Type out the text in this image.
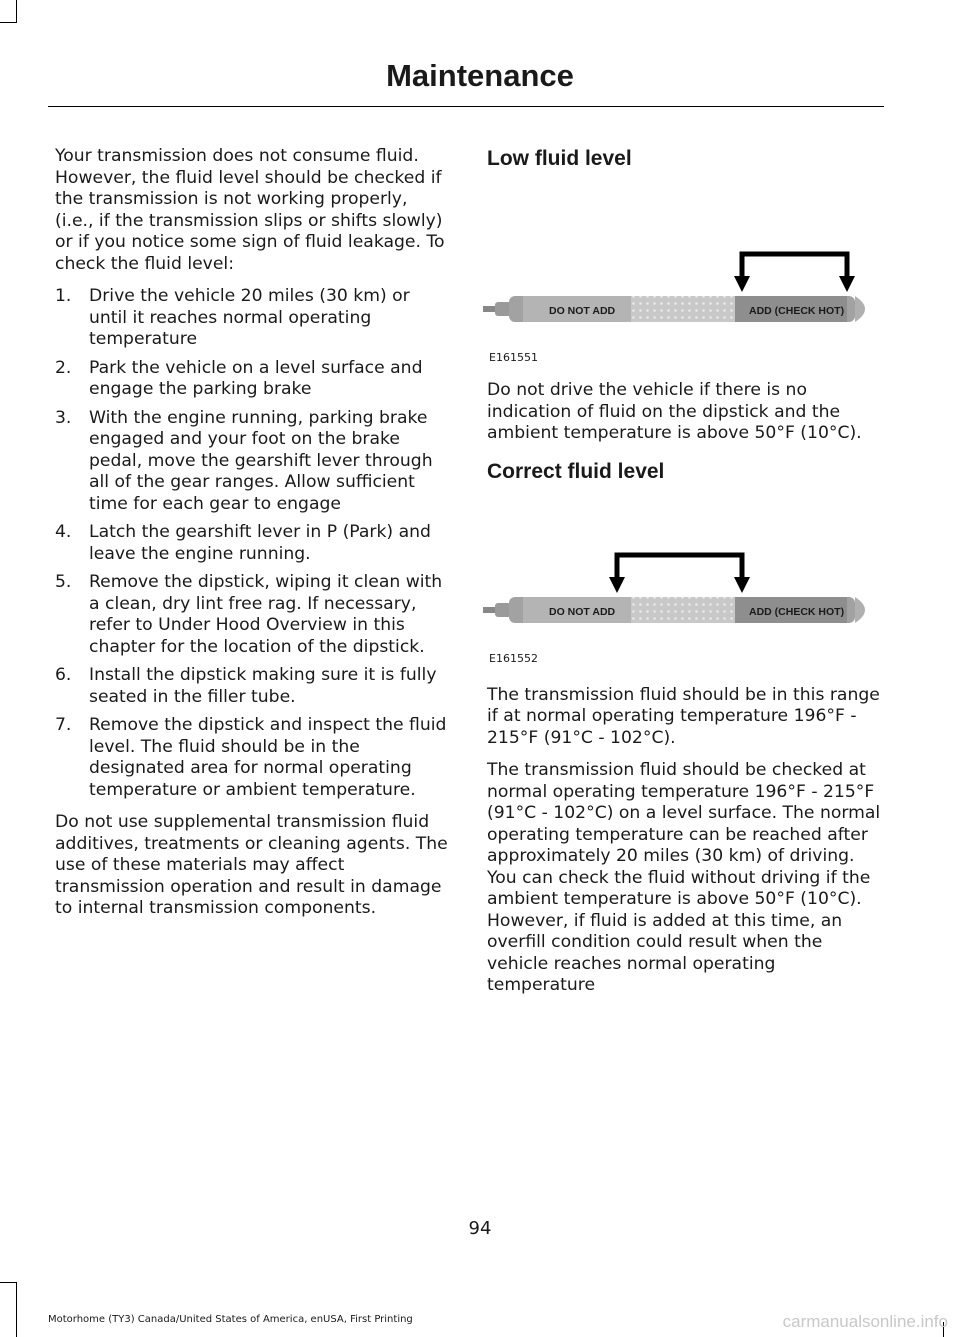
Maintenance

Your transmission does not consume fluid. However, the fluid level should be checked if the transmission is not working properly, (i.e., if the transmission slips or shifts slowly) or if you notice some sign of fluid leakage. To check the fluid level:

1. Drive the vehicle 20 miles (30 km) or until it reaches normal operating temperature
2. Park the vehicle on a level surface and engage the parking brake
3. With the engine running, parking brake engaged and your foot on the brake pedal, move the gearshift lever through all of the gear ranges. Allow sufficient time for each gear to engage
4. Latch the gearshift lever in P (Park) and leave the engine running.
5. Remove the dipstick, wiping it clean with a clean, dry lint free rag. If necessary, refer to Under Hood Overview in this chapter for the location of the dipstick.
6. Install the dipstick making sure it is fully seated in the filler tube.
7. Remove the dipstick and inspect the fluid level. The fluid should be in the designated area for normal operating temperature or ambient temperature.

Do not use supplemental transmission fluid additives, treatments or cleaning agents. The use of these materials may affect transmission operation and result in damage to internal transmission components.

Low fluid level
DO NOT ADD	ADD (CHECK HOT)
E161551

Do not drive the vehicle if there is no indication of fluid on the dipstick and the ambient temperature is above 50°F (10°C).

Correct fluid level
DO NOT ADD	ADD (CHECK HOT)
E161552

The transmission fluid should be in this range if at normal operating temperature 196°F - 215°F (91°C - 102°C).

The transmission fluid should be checked at normal operating temperature 196°F - 215°F (91°C - 102°C) on a level surface. The normal operating temperature can be reached after approximately 20 miles (30 km) of driving. You can check the fluid without driving if the ambient temperature is above 50°F (10°C). However, if fluid is added at this time, an overfill condition could result when the vehicle reaches normal operating temperature

94
Motorhome (TY3) Canada/United States of America, enUSA, First Printing	carmanualsonline.info
